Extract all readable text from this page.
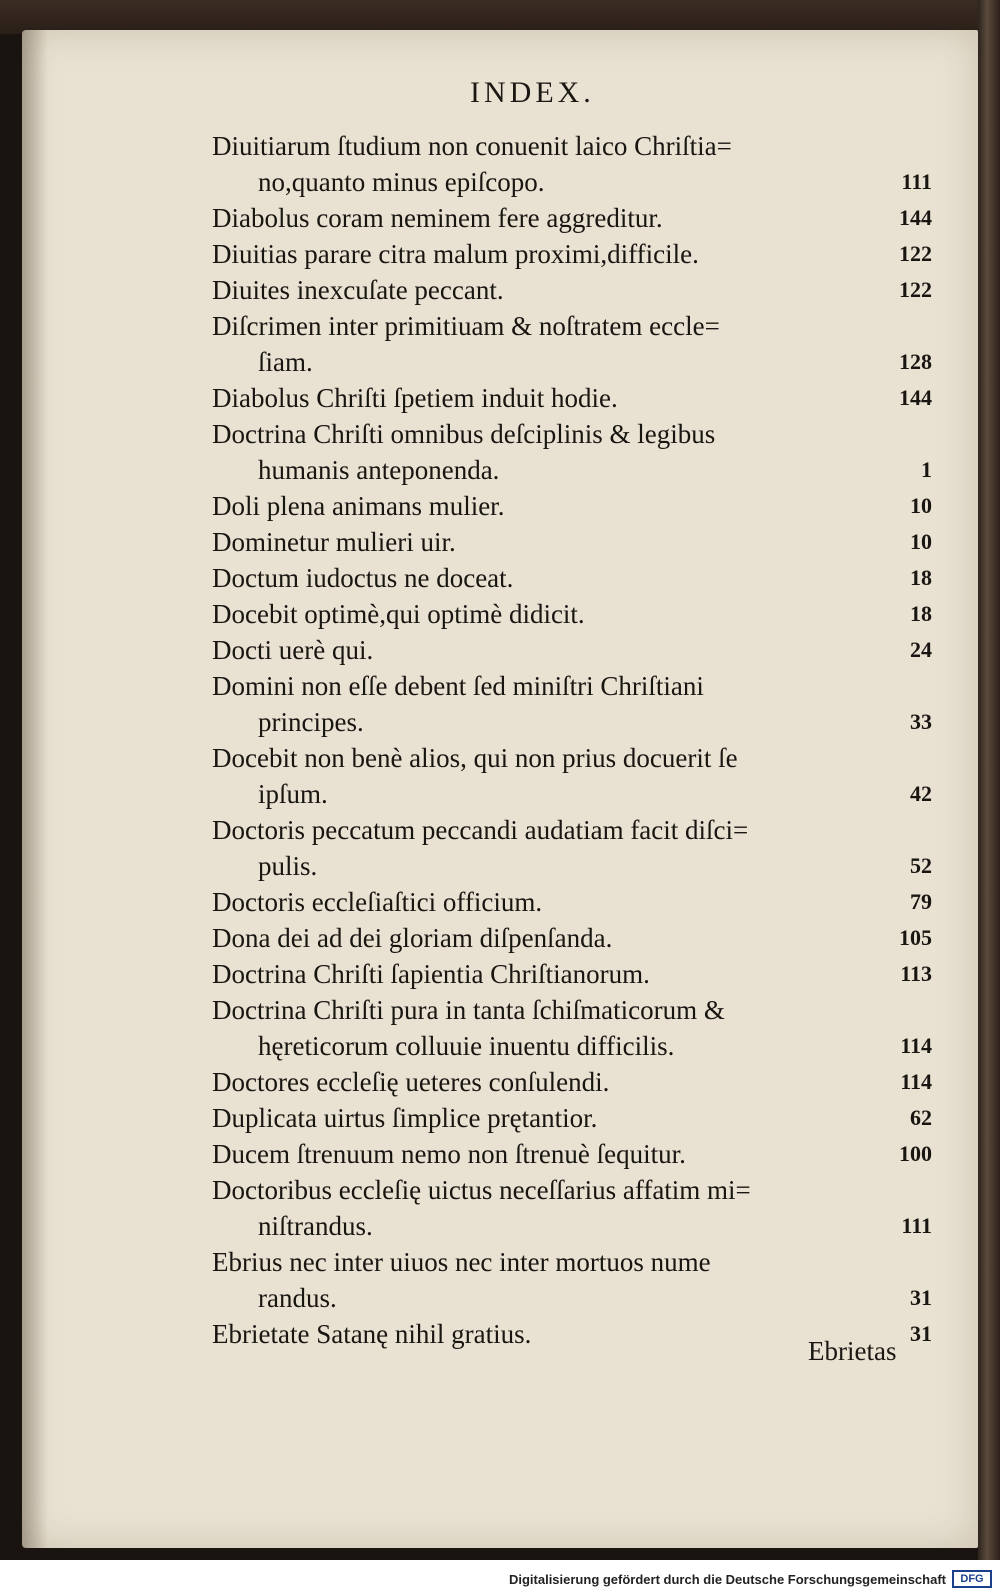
INDEX.
Diuitiarum ſtudium non conuenit laico Chriſtia=
no,quanto minus epiſcopo.	111
Diabolus coram neminem fere aggreditur.	144
Diuitias parare citra malum proximi,difficile.	122
Diuites inexcuſate peccant.	122
Diſcrimen inter primitiuam & noſtratem eccle=
ſiam.	128
Diabolus Chriſti ſpetiem induit hodie.	144
Doctrina Chriſti omnibus deſciplinis & legibus
humanis anteponenda.	1
Doli plena animans mulier.	10
Dominetur mulieri uir.	10
Doctum iudoctus ne doceat.	18
Docebit optimè,qui optimè didicit.	18
Docti uerè qui.	24
Domini non eſſe debent ſed miniſtri Chriſtiani
principes.	33
Docebit non benè alios, qui non prius docuerit ſe
ipſum.	42
Doctoris peccatum peccandi audatiam facit diſci=
pulis.	52
Doctoris eccleſiaſtici officium.	79
Dona dei ad dei gloriam diſpenſanda.	105
Doctrina Chriſti ſapientia Chriſtianorum.	113
Doctrina Chriſti pura in tanta ſchiſmaticorum &
hęreticorum colluuie inuentu difficilis.	114
Doctores eccleſię ueteres conſulendi.	114
Duplicata uirtus ſimplice prętantior.	62
Ducem ſtrenuum nemo non ſtrenuè ſequitur.	100
Doctoribus eccleſię uictus neceſſarius affatim mi=
niſtrandus.	111
Ebrius nec inter uiuos nec inter mortuos nume
randus.	31
Ebrietate Satanę nihil gratius.	31
Ebrietas
Digitalisierung gefördert durch die Deutsche Forschungsgemeinschaft	DFG
